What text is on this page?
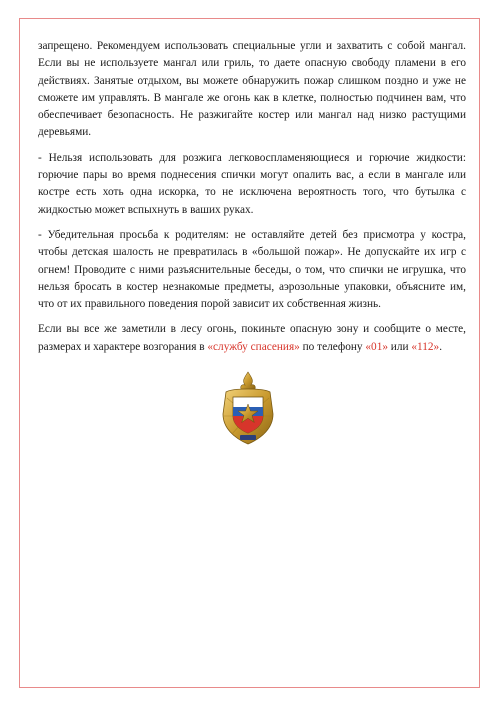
запрещено. Рекомендуем использовать специальные угли и захватить с собой мангал. Если вы не используете мангал или гриль, то даете опасную свободу пламени в его действиях. Занятые отдыхом, вы можете обнаружить пожар слишком поздно и уже не сможете им управлять. В мангале же огонь как в клетке, полностью подчинен вам, что обеспечивает безопасность. Не разжигайте костер или мангал над низко растущими деревьями.

- Нельзя использовать для розжига легковоспламеняющиеся и горючие жидкости: горючие пары во время поднесения спички могут опалить вас, а если в мангале или костре есть хоть одна искорка, то не исключена вероятность того, что бутылка с жидкостью может вспыхнуть в ваших руках.

- Убедительная просьба к родителям: не оставляйте детей без присмотра у костра, чтобы детская шалость не превратилась в «большой пожар». Не допускайте их игр с огнем! Проводите с ними разъяснительные беседы, о том, что спички не игрушка, что нельзя бросать в костер незнакомые предметы, аэрозольные упаковки, объясните им, что от их правильного поведения порой зависит их собственная жизнь.

Если вы все же заметили в лесу огонь, покиньте опасную зону и сообщите о месте, размерах и характере возгорания в «службу спасения» по телефону «01» или «112».
